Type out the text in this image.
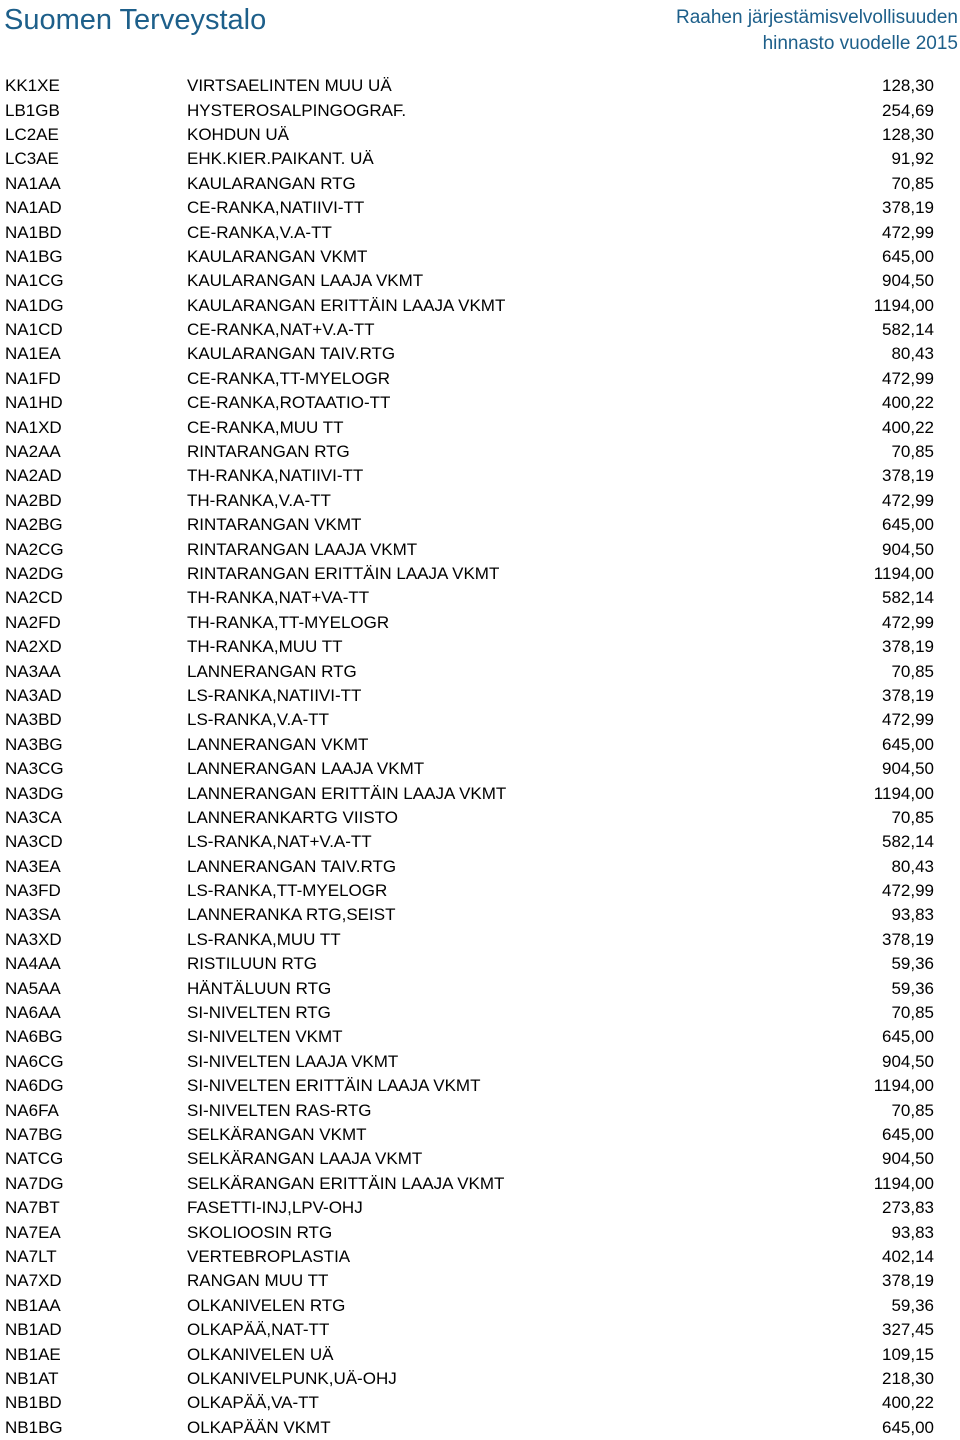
Suomen Terveystalo	Raahen järjestämisvelvollisuuden
hinnasto vuodelle 2015
KK1XE	VIRTSAELINTEN MUU UÄ	128,30
LB1GB	HYSTEROSALPINGOGRAF.	254,69
LC2AE	KOHDUN UÄ	128,30
LC3AE	EHK.KIER.PAIKANT. UÄ	91,92
NA1AA	KAULARANGAN RTG	70,85
NA1AD	CE-RANKA,NATIIVI-TT	378,19
NA1BD	CE-RANKA,V.A-TT	472,99
NA1BG	KAULARANGAN VKMT	645,00
NA1CG	KAULARANGAN LAAJA VKMT	904,50
NA1DG	KAULARANGAN ERITTÄIN LAAJA VKMT	1194,00
NA1CD	CE-RANKA,NAT+V.A-TT	582,14
NA1EA	KAULARANGAN TAIV.RTG	80,43
NA1FD	CE-RANKA,TT-MYELOGR	472,99
NA1HD	CE-RANKA,ROTAATIO-TT	400,22
NA1XD	CE-RANKA,MUU TT	400,22
NA2AA	RINTARANGAN RTG	70,85
NA2AD	TH-RANKA,NATIIVI-TT	378,19
NA2BD	TH-RANKA,V.A-TT	472,99
NA2BG	RINTARANGAN VKMT	645,00
NA2CG	RINTARANGAN LAAJA VKMT	904,50
NA2DG	RINTARANGAN ERITTÄIN LAAJA VKMT	1194,00
NA2CD	TH-RANKA,NAT+VA-TT	582,14
NA2FD	TH-RANKA,TT-MYELOGR	472,99
NA2XD	TH-RANKA,MUU TT	378,19
NA3AA	LANNERANGAN RTG	70,85
NA3AD	LS-RANKA,NATIIVI-TT	378,19
NA3BD	LS-RANKA,V.A-TT	472,99
NA3BG	LANNERANGAN VKMT	645,00
NA3CG	LANNERANGAN LAAJA VKMT	904,50
NA3DG	LANNERANGAN ERITTÄIN LAAJA VKMT	1194,00
NA3CA	LANNERANKARTG VIISTO	70,85
NA3CD	LS-RANKA,NAT+V.A-TT	582,14
NA3EA	LANNERANGAN TAIV.RTG	80,43
NA3FD	LS-RANKA,TT-MYELOGR	472,99
NA3SA	LANNERANKA RTG,SEIST	93,83
NA3XD	LS-RANKA,MUU TT	378,19
NA4AA	RISTILUUN RTG	59,36
NA5AA	HÄNTÄLUUN RTG	59,36
NA6AA	SI-NIVELTEN RTG	70,85
NA6BG	SI-NIVELTEN VKMT	645,00
NA6CG	SI-NIVELTEN LAAJA VKMT	904,50
NA6DG	SI-NIVELTEN ERITTÄIN LAAJA VKMT	1194,00
NA6FA	SI-NIVELTEN RAS-RTG	70,85
NA7BG	SELKÄRANGAN VKMT	645,00
NATCG	SELKÄRANGAN LAAJA VKMT	904,50
NA7DG	SELKÄRANGAN ERITTÄIN LAAJA VKMT	1194,00
NA7BT	FASETTI-INJ,LPV-OHJ	273,83
NA7EA	SKOLIOOSIN RTG	93,83
NA7LT	VERTEBROPLASTIA	402,14
NA7XD	RANGAN MUU TT	378,19
NB1AA	OLKANIVELEN RTG	59,36
NB1AD	OLKAPÄÄ,NAT-TT	327,45
NB1AE	OLKANIVELEN UÄ	109,15
NB1AT	OLKANIVELPUNK,UÄ-OHJ	218,30
NB1BD	OLKAPÄÄ,VA-TT	400,22
NB1BG	OLKAPÄÄN VKMT	645,00
